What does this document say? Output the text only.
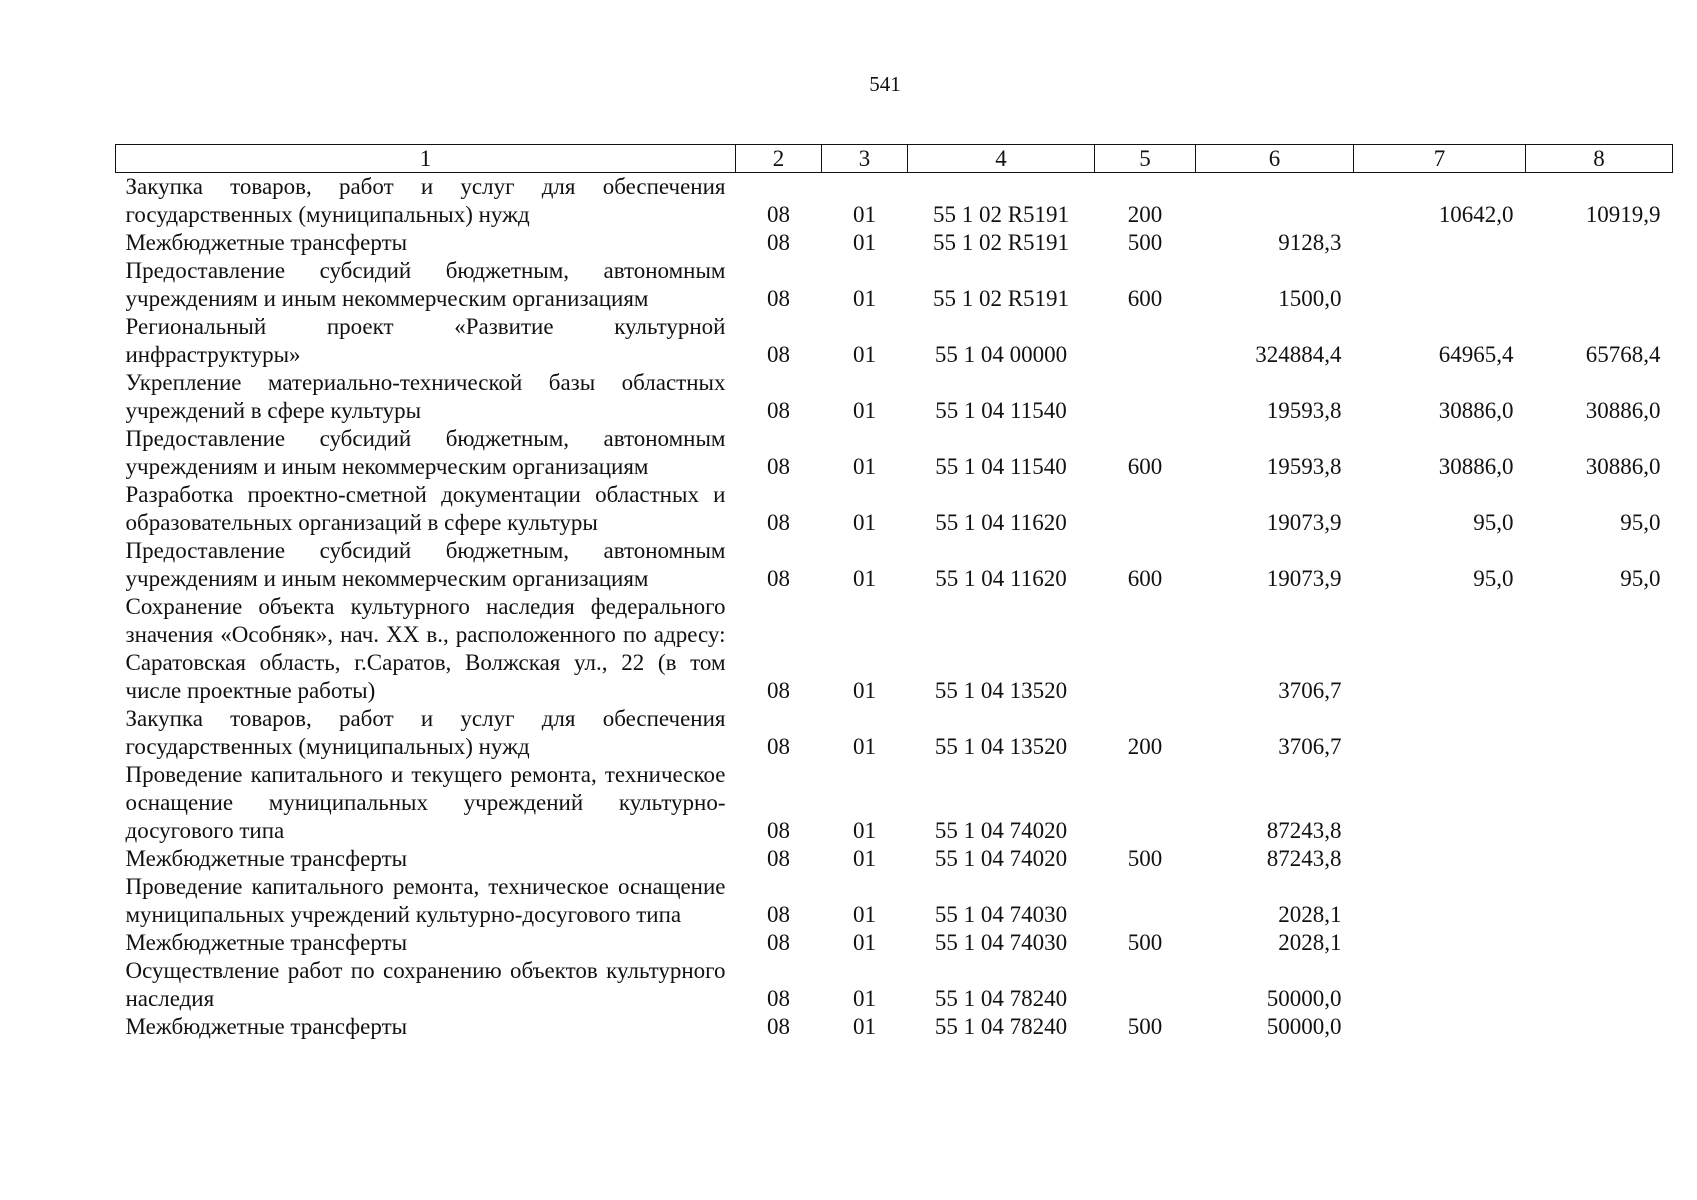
541
1	2	3	4	5	6	7	8
Закупка товаров, работ и услуг для обеспечения государственных (муниципальных) нужд	08	01	55 1 02 R5191	200		10642,0	10919,9
Межбюджетные трансферты	08	01	55 1 02 R5191	500	9128,3		
Предоставление субсидий бюджетным, автономным учреждениям и иным некоммерческим организациям	08	01	55 1 02 R5191	600	1500,0		
Региональный проект «Развитие культурной инфраструктуры»	08	01	55 1 04 00000		324884,4	64965,4	65768,4
Укрепление материально-технической базы областных учреждений в сфере культуры	08	01	55 1 04 11540		19593,8	30886,0	30886,0
Предоставление субсидий бюджетным, автономным учреждениям и иным некоммерческим организациям	08	01	55 1 04 11540	600	19593,8	30886,0	30886,0
Разработка проектно-сметной документации областных и образовательных организаций в сфере культуры	08	01	55 1 04 11620		19073,9	95,0	95,0
Предоставление субсидий бюджетным, автономным учреждениям и иным некоммерческим организациям	08	01	55 1 04 11620	600	19073,9	95,0	95,0
Сохранение объекта культурного наследия федерального значения «Особняк», нач. XX в., расположенного по адресу: Саратовская область, г.Саратов, Волжская ул., 22 (в том числе проектные работы)	08	01	55 1 04 13520		3706,7		
Закупка товаров, работ и услуг для обеспечения государственных (муниципальных) нужд	08	01	55 1 04 13520	200	3706,7		
Проведение капитального и текущего ремонта, техническое оснащение муниципальных учреждений культурно-досугового типа	08	01	55 1 04 74020		87243,8		
Межбюджетные трансферты	08	01	55 1 04 74020	500	87243,8		
Проведение капитального ремонта, техническое оснащение муниципальных учреждений культурно-досугового типа	08	01	55 1 04 74030		2028,1		
Межбюджетные трансферты	08	01	55 1 04 74030	500	2028,1		
Осуществление работ по сохранению объектов культурного наследия	08	01	55 1 04 78240		50000,0		
Межбюджетные трансферты	08	01	55 1 04 78240	500	50000,0		
